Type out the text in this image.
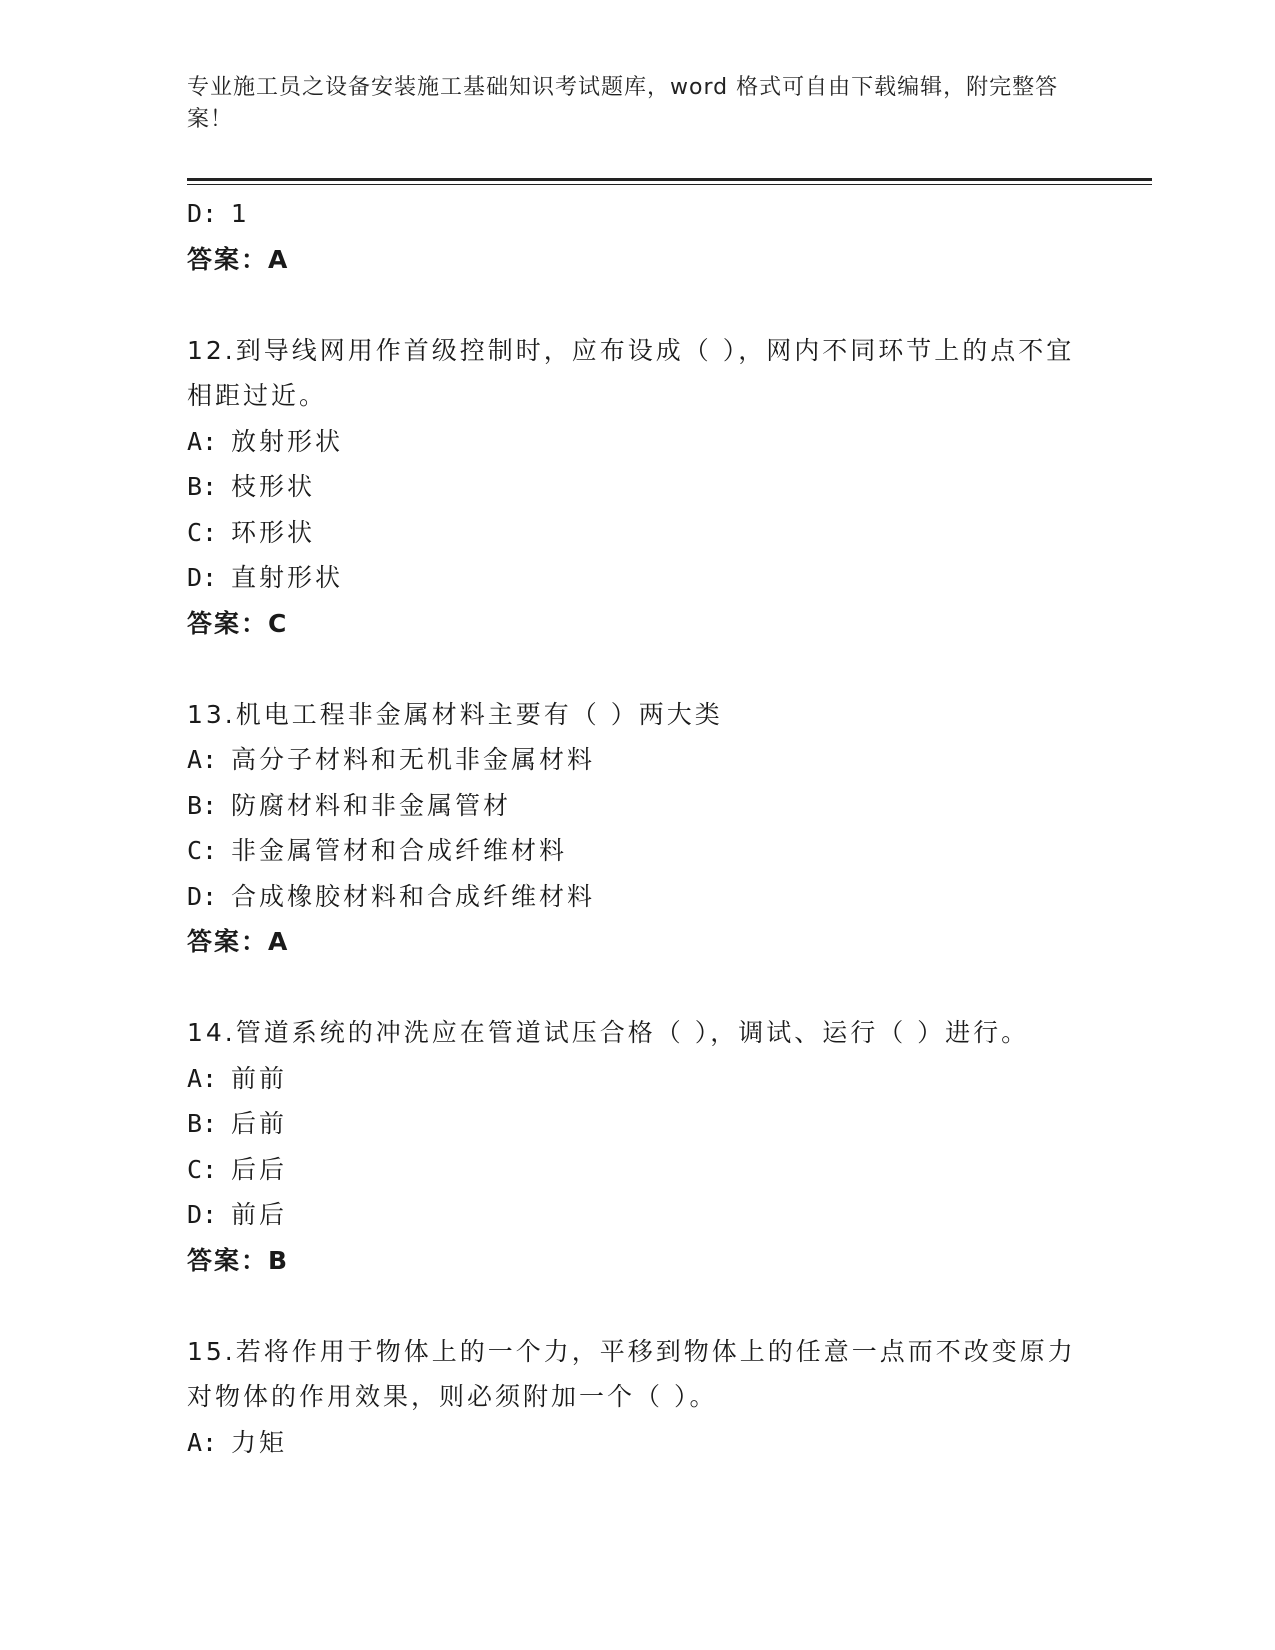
专业施工员之设备安装施工基础知识考试题库，word 格式可自由下载编辑，附完整答案！
D: 1
答案：A
12.到导线网用作首级控制时，应布设成（ ），网内不同环节上的点不宜相距过近。
A: 放射形状
B: 枝形状
C: 环形状
D: 直射形状
答案：C
13.机电工程非金属材料主要有（ ）两大类
A: 高分子材料和无机非金属材料
B: 防腐材料和非金属管材
C: 非金属管材和合成纤维材料
D: 合成橡胶材料和合成纤维材料
答案：A
14.管道系统的冲洗应在管道试压合格（ ），调试、运行（ ）进行。
A: 前前
B: 后前
C: 后后
D: 前后
答案：B
15.若将作用于物体上的一个力，平移到物体上的任意一点而不改变原力对物体的作用效果，则必须附加一个（ ）。
A: 力矩
